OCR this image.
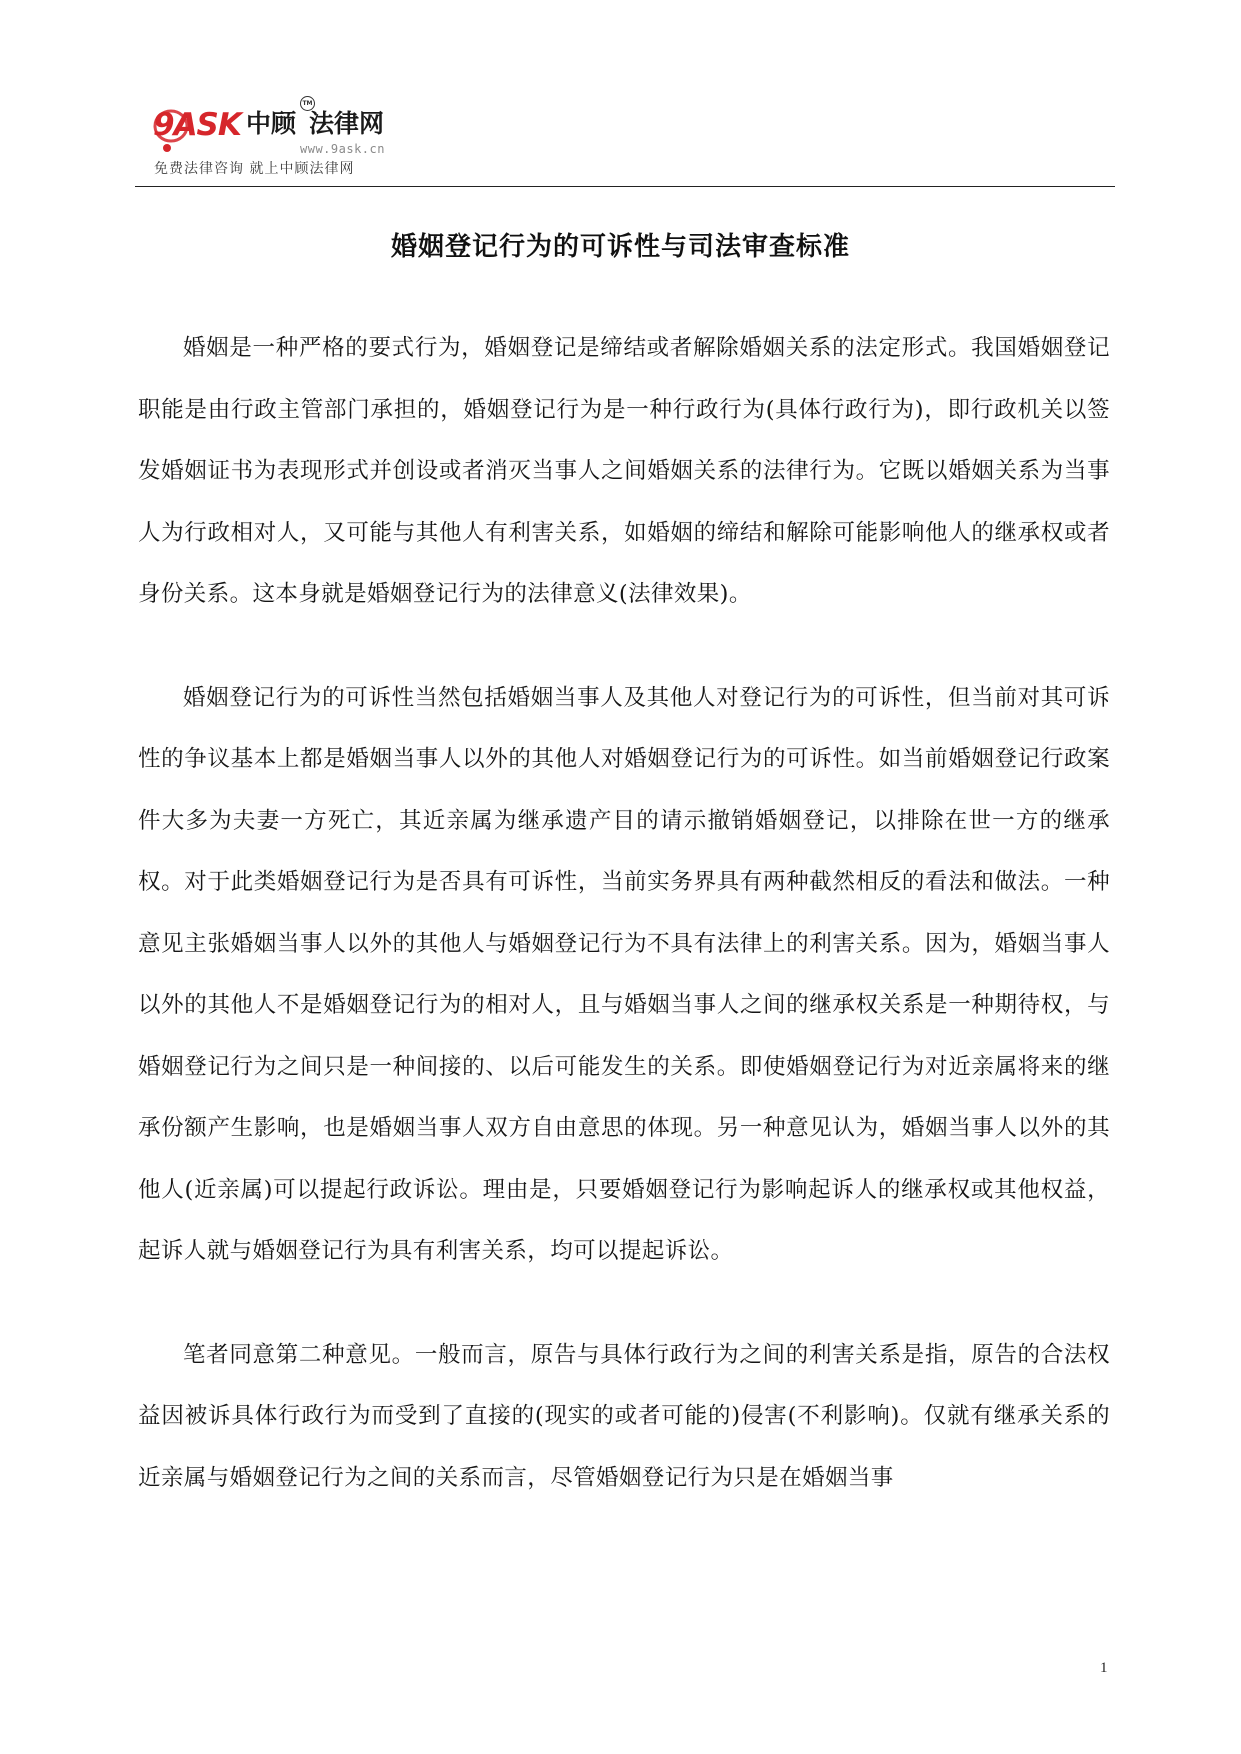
9ASK 中顾
TM
法律网
www.9ask.cn
免费法律咨询 就上中顾法律网
婚姻登记行为的可诉性与司法审查标准

婚姻是一种严格的要式行为，婚姻登记是缔结或者解除婚姻关系的法定形式。我国婚姻登记职能是由行政主管部门承担的，婚姻登记行为是一种行政行为(具体行政行为)，即行政机关以签发婚姻证书为表现形式并创设或者消灭当事人之间婚姻关系的法律行为。它既以婚姻关系为当事人为行政相对人，又可能与其他人有利害关系，如婚姻的缔结和解除可能影响他人的继承权或者身份关系。这本身就是婚姻登记行为的法律意义(法律效果)。

婚姻登记行为的可诉性当然包括婚姻当事人及其他人对登记行为的可诉性，但当前对其可诉性的争议基本上都是婚姻当事人以外的其他人对婚姻登记行为的可诉性。如当前婚姻登记行政案件大多为夫妻一方死亡，其近亲属为继承遗产目的请示撤销婚姻登记，以排除在世一方的继承权。对于此类婚姻登记行为是否具有可诉性，当前实务界具有两种截然相反的看法和做法。一种意见主张婚姻当事人以外的其他人与婚姻登记行为不具有法律上的利害关系。因为，婚姻当事人以外的其他人不是婚姻登记行为的相对人，且与婚姻当事人之间的继承权关系是一种期待权，与婚姻登记行为之间只是一种间接的、以后可能发生的关系。即使婚姻登记行为对近亲属将来的继承份额产生影响，也是婚姻当事人双方自由意思的体现。另一种意见认为，婚姻当事人以外的其他人(近亲属)可以提起行政诉讼。理由是，只要婚姻登记行为影响起诉人的继承权或其他权益，起诉人就与婚姻登记行为具有利害关系，均可以提起诉讼。

笔者同意第二种意见。一般而言，原告与具体行政行为之间的利害关系是指，原告的合法权益因被诉具体行政行为而受到了直接的(现实的或者可能的)侵害(不利影响)。仅就有继承关系的近亲属与婚姻登记行为之间的关系而言，尽管婚姻登记行为只是在婚姻当事

1
